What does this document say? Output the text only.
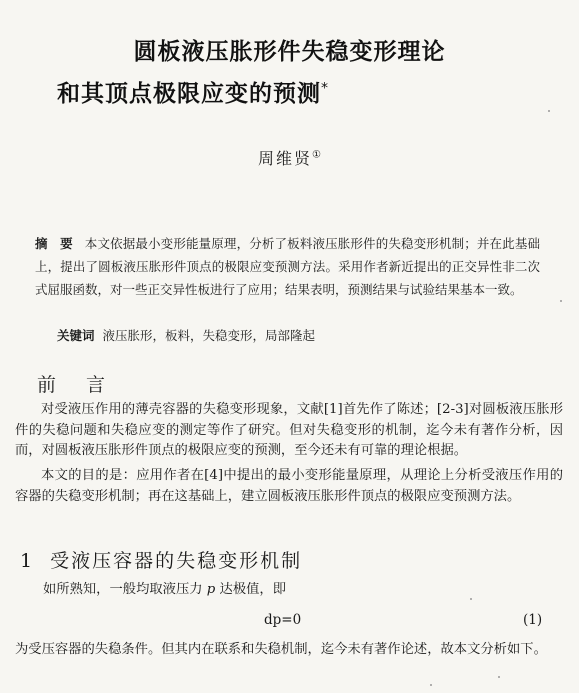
圆板液压胀形件失稳变形理论
和其顶点极限应变的预测*
周维贤①
摘 要 本文依据最小变形能量原理，分析了板料液压胀形件的失稳变形机制；并在此基础上，提出了圆板液压胀形件顶点的极限应变预测方法。采用作者新近提出的正交异性非二次式屈服函数，对一些正交异性板进行了应用；结果表明，预测结果与试验结果基本一致。
关键词 液压胀形，板料，失稳变形，局部隆起
前 言
对受液压作用的薄壳容器的失稳变形现象，文献[1]首先作了陈述；[2-3]对圆板液压胀形件的失稳问题和失稳应变的测定等作了研究。但对失稳变形的机制，迄今未有著作分析，因而，对圆板液压胀形件顶点的极限应变的预测，至今还未有可靠的理论根据。
本文的目的是：应用作者在[4]中提出的最小变形能量原理，从理论上分析受液压作用的容器的失稳变形机制；再在这基础上，建立圆板液压胀形件顶点的极限应变预测方法。
1 受液压容器的失稳变形机制
如所熟知，一般均取液压力 p 达极值，即
dp=0	(1)
为受压容器的失稳条件。但其内在联系和失稳机制，迄今未有著作论述，故本文分析如下。
